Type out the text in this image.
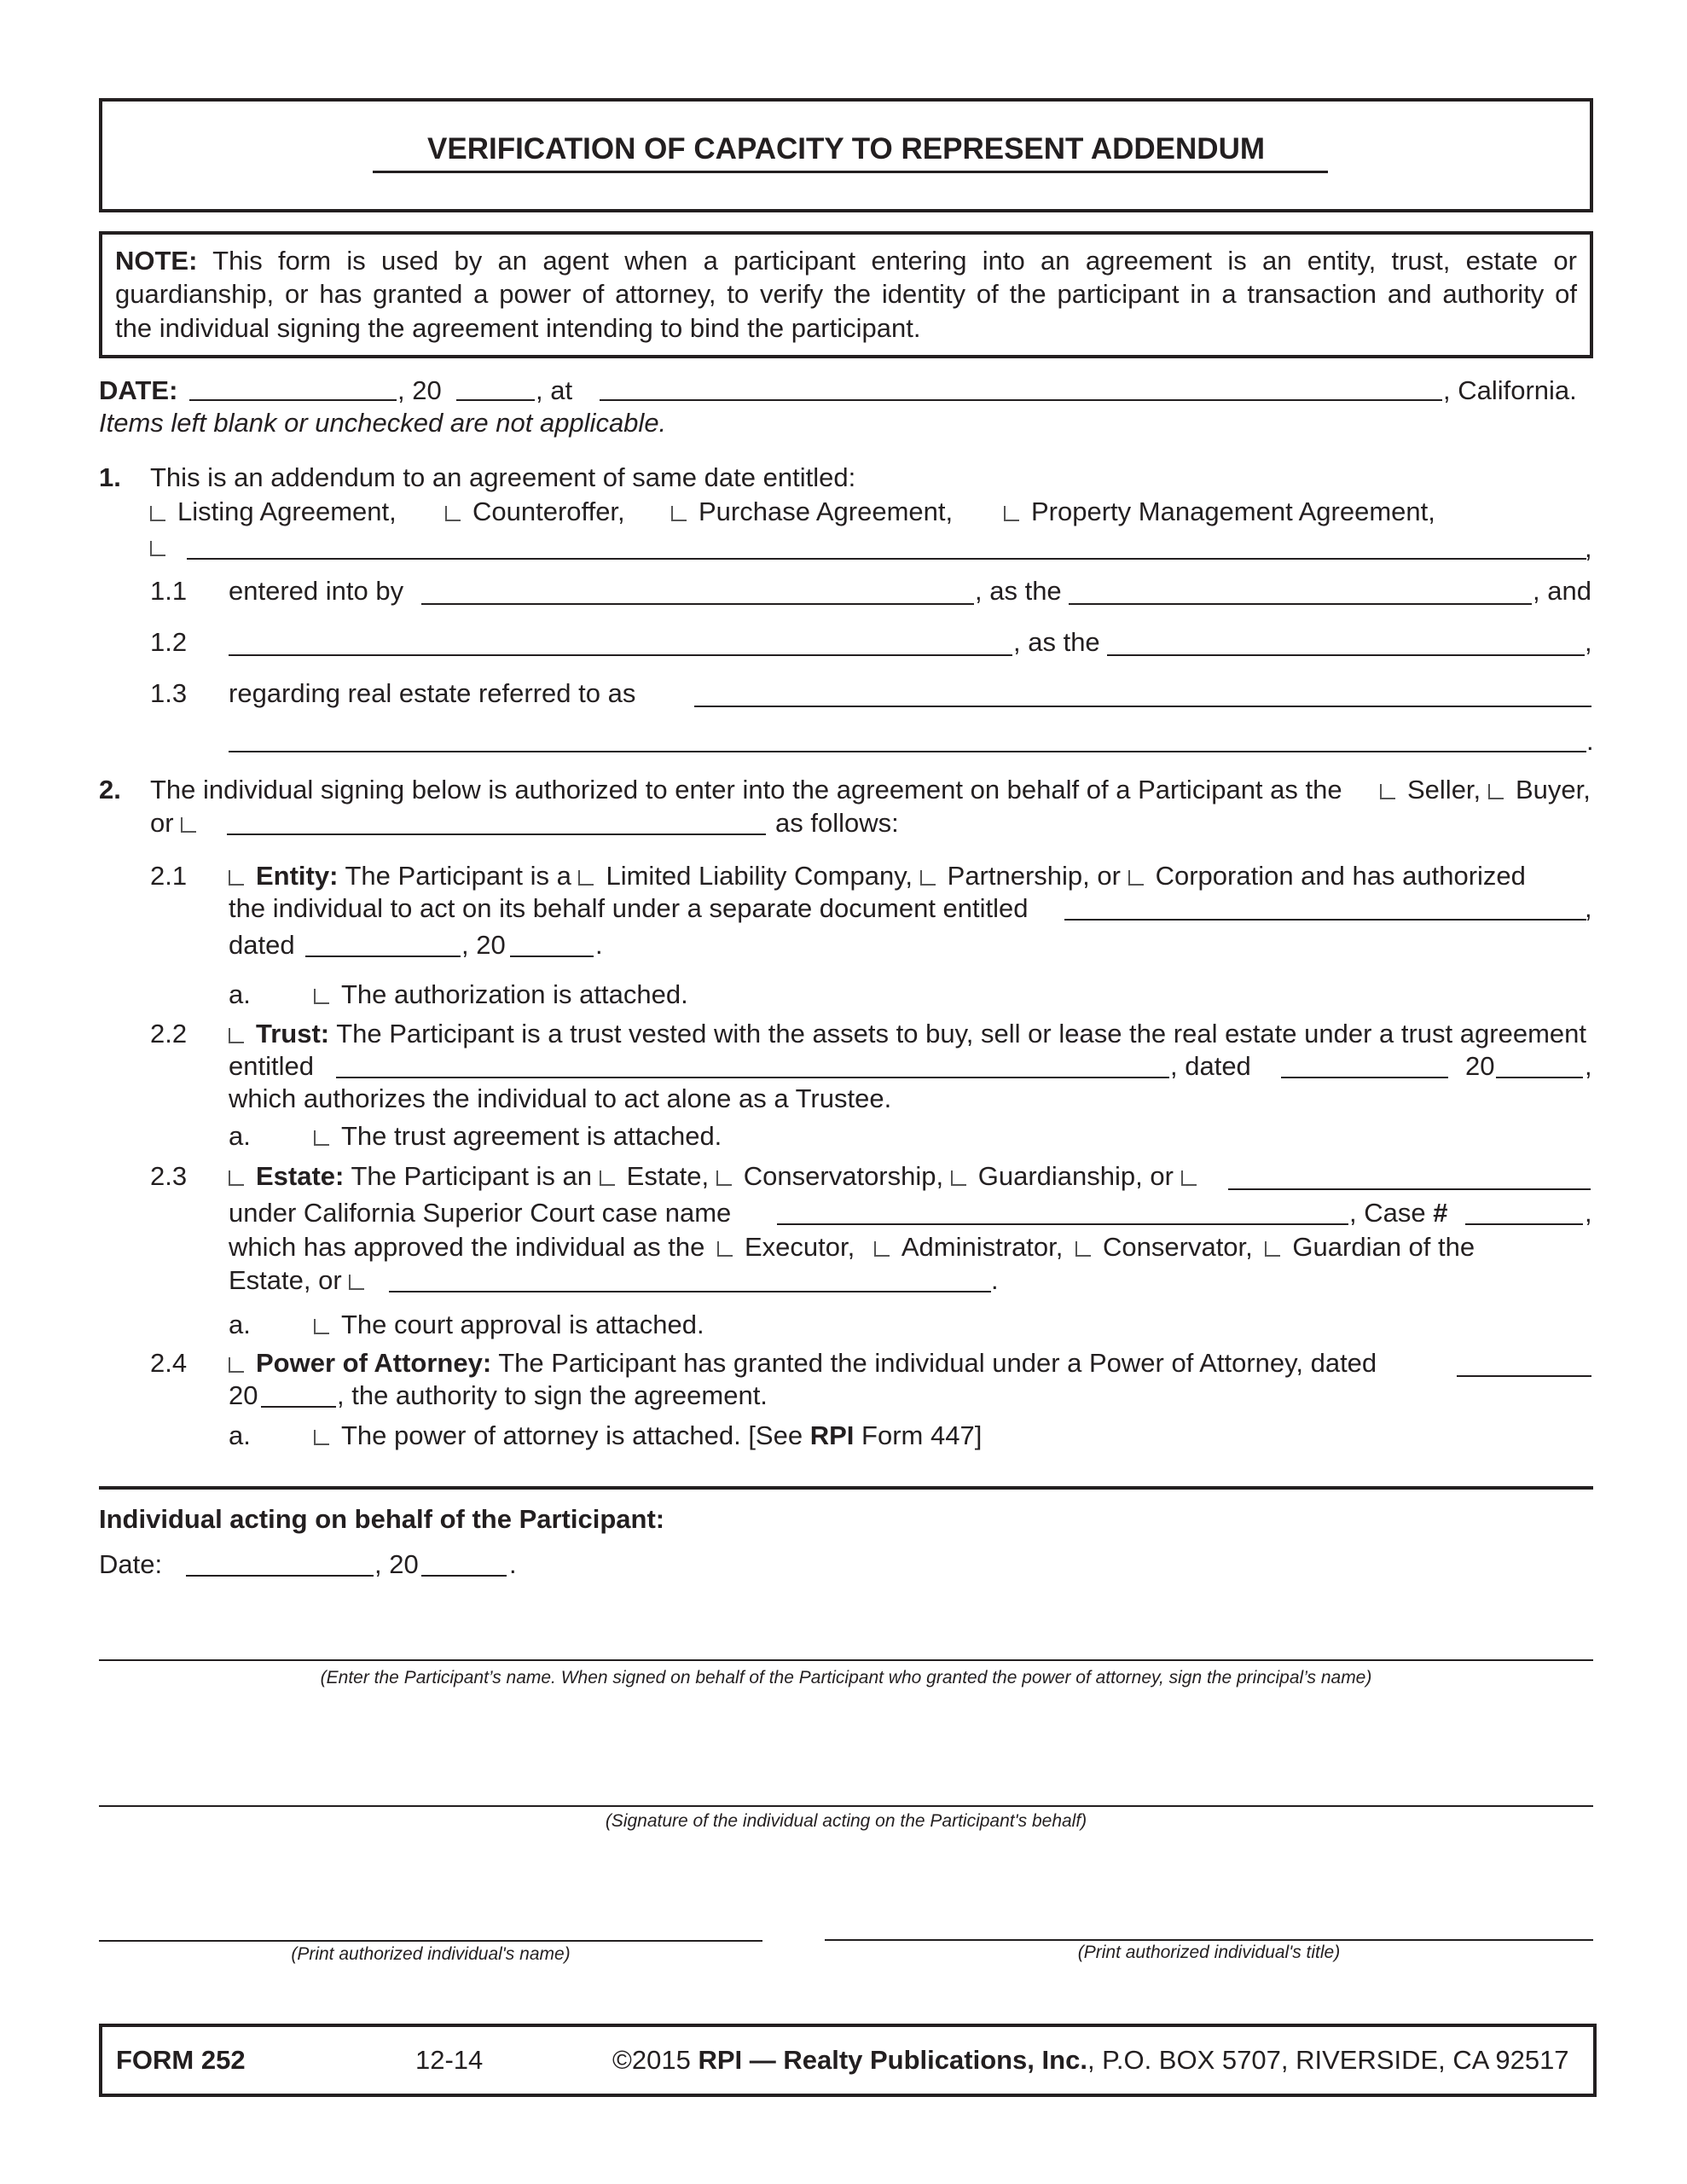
VERIFICATION OF CAPACITY TO REPRESENT ADDENDUM
NOTE: This form is used by an agent when a participant entering into an agreement is an entity, trust, estate or
guardianship, or has granted a power of attorney, to verify the identity of the participant in a transaction and authority of
the individual signing the agreement intending to bind the participant.
DATE:	, 20	, at	, California.
Items left blank or unchecked are not applicable.
1. This is an addendum to an agreement of same date entitled:
Listing Agreement,	Counteroffer,	Purchase Agreement,	Property Management Agreement,
,
1.1 entered into by	, as the	, and
1.2	, as the	,
1.3 regarding real estate referred to as
.
2. The individual signing below is authorized to enter into the agreement on behalf of a Participant as the	Seller,	Buyer,
or	as follows:
2.1	Entity: The Participant is a Limited Liability Company, Partnership, or Corporation and has authorized
the individual to act on its behalf under a separate document entitled	,
dated	, 20	.
a.	The authorization is attached.
2.2	Trust: The Participant is a trust vested with the assets to buy, sell or lease the real estate under a trust agreement
entitled	, dated	20	,
which authorizes the individual to act alone as a Trustee.
a.	The trust agreement is attached.
2.3	Estate: The Participant is an Estate, Conservatorship, Guardianship, or
under California Superior Court case name	, Case #	,
which has approved the individual as the Executor, Administrator, Conservator, Guardian of the
Estate, or	.
a.	The court approval is attached.
2.4	Power of Attorney: The Participant has granted the individual under a Power of Attorney, dated
20	, the authority to sign the agreement.
a.	The power of attorney is attached. [See RPI Form 447]
Individual acting on behalf of the Participant:
Date:	, 20	.
(Enter the Participant’s name. When signed on behalf of the Participant who granted the power of attorney, sign the principal’s name)
(Signature of the individual acting on the Participant's behalf)
(Print authorized individual's name)	(Print authorized individual's title)
FORM 252	12-14	©2015 RPI — Realty Publications, Inc., P.O. BOX 5707, RIVERSIDE, CA 92517
